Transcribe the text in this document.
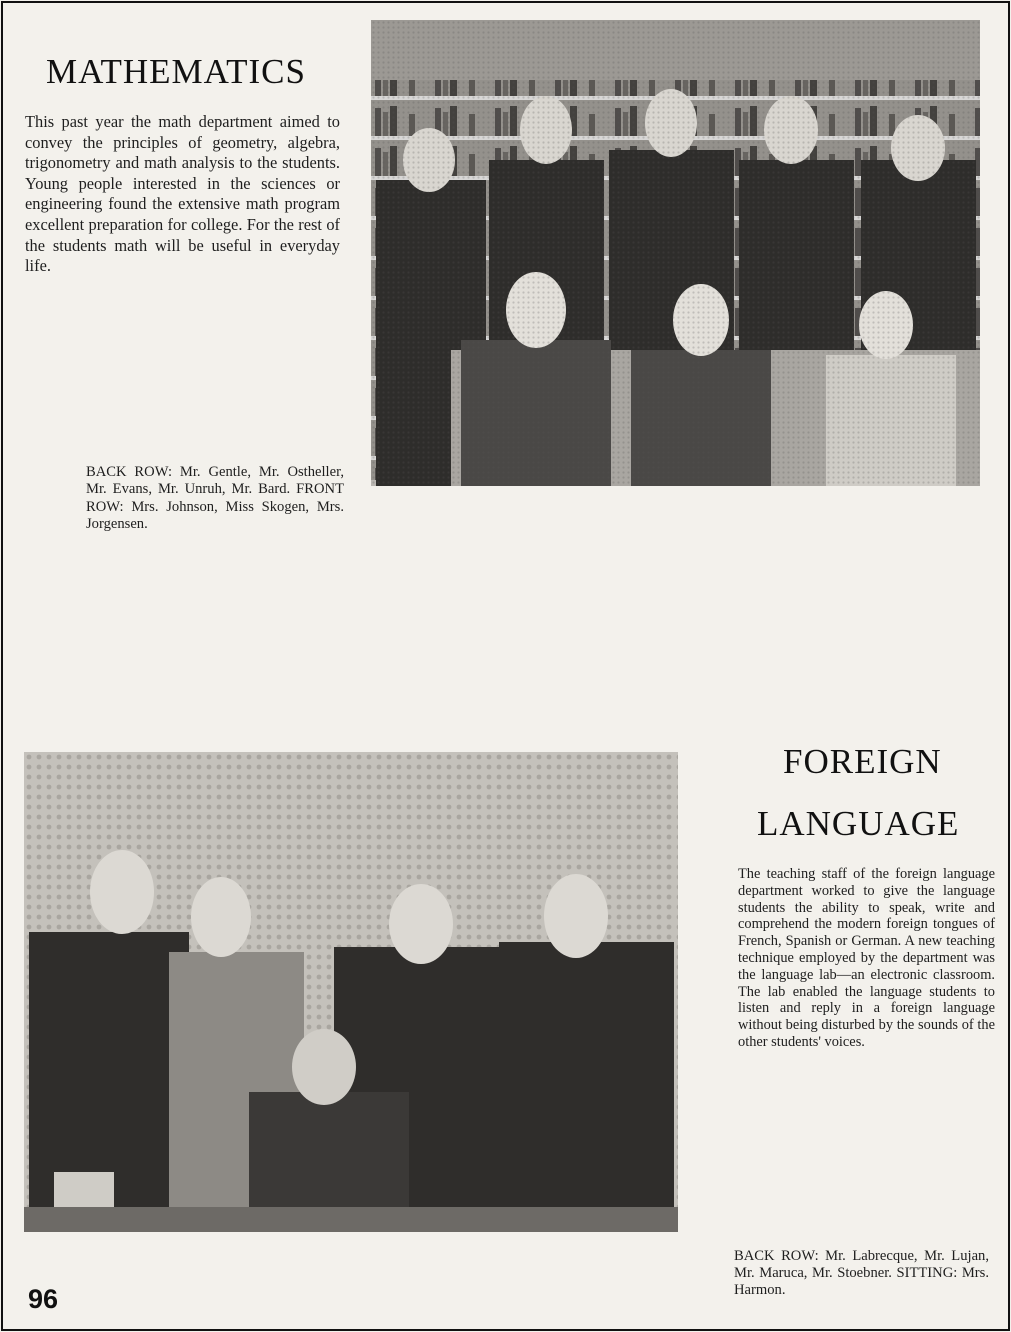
MATHEMATICS

This past year the math department aimed to convey the principles of geometry, algebra, trigonometry and math analysis to the students. Young people interested in the sciences or engineering found the extensive math program excellent preparation for college. For the rest of the students math will be useful in everyday life.

BACK ROW: Mr. Gentle, Mr. Ostheller, Mr. Evans, Mr. Unruh, Mr. Bard. FRONT ROW: Mrs. Johnson, Miss Skogen, Mrs. Jorgensen.

FOREIGN
LANGUAGE

The teaching staff of the foreign language department worked to give the language students the ability to speak, write and comprehend the modern foreign tongues of French, Spanish or German. A new teaching technique employed by the department was the language lab—an electronic classroom. The lab enabled the language students to listen and reply in a foreign language without being disturbed by the sounds of the other students' voices.

BACK ROW: Mr. Labrecque, Mr. Lujan, Mr. Maruca, Mr. Stoebner. SITTING: Mrs. Harmon.

96
